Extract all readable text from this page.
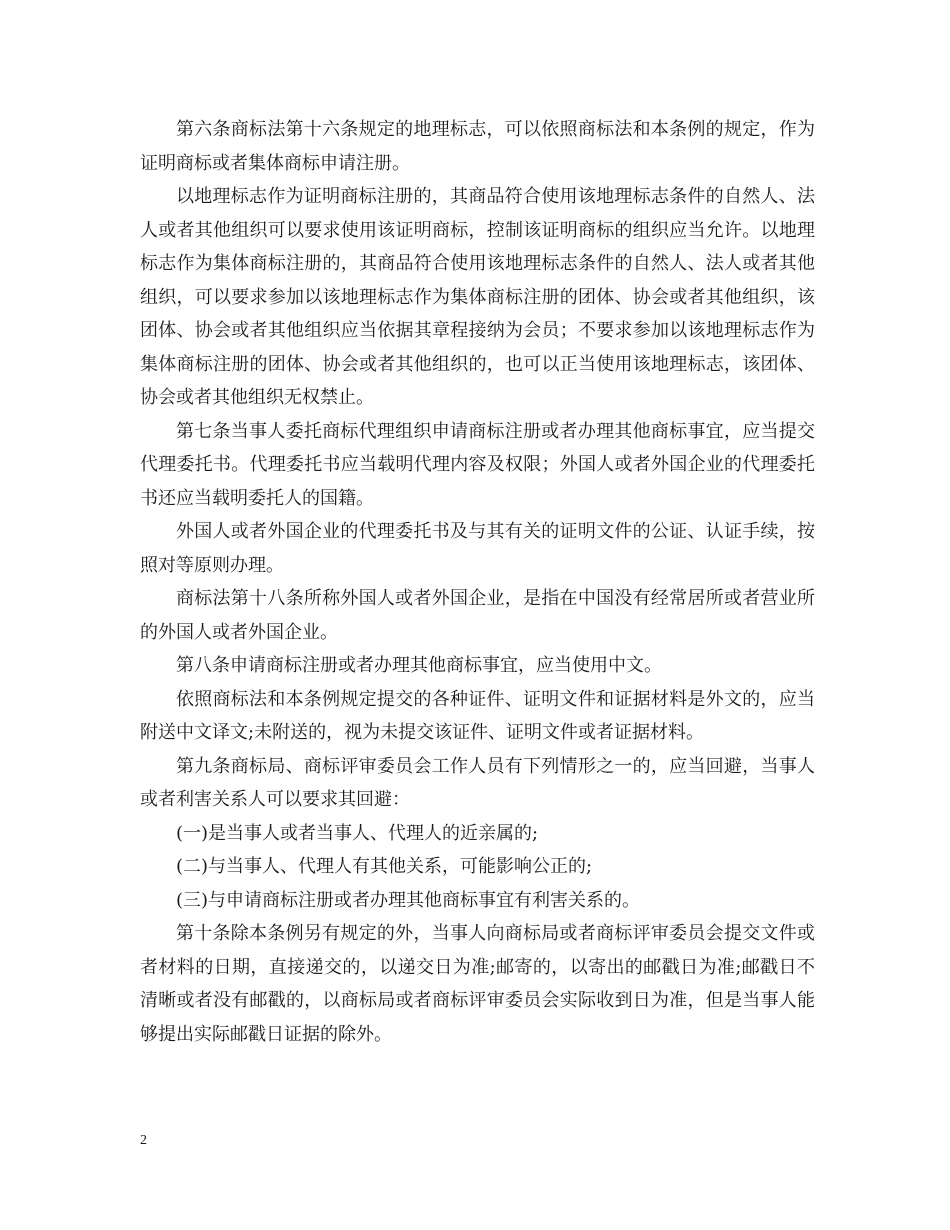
第六条商标法第十六条规定的地理标志，可以依照商标法和本条例的规定，作为证明商标或者集体商标申请注册。

以地理标志作为证明商标注册的，其商品符合使用该地理标志条件的自然人、法人或者其他组织可以要求使用该证明商标，控制该证明商标的组织应当允许。以地理标志作为集体商标注册的，其商品符合使用该地理标志条件的自然人、法人或者其他组织，可以要求参加以该地理标志作为集体商标注册的团体、协会或者其他组织，该团体、协会或者其他组织应当依据其章程接纳为会员；不要求参加以该地理标志作为集体商标注册的团体、协会或者其他组织的，也可以正当使用该地理标志，该团体、协会或者其他组织无权禁止。

第七条当事人委托商标代理组织申请商标注册或者办理其他商标事宜，应当提交代理委托书。代理委托书应当载明代理内容及权限；外国人或者外国企业的代理委托书还应当载明委托人的国籍。

外国人或者外国企业的代理委托书及与其有关的证明文件的公证、认证手续，按照对等原则办理。

商标法第十八条所称外国人或者外国企业，是指在中国没有经常居所或者营业所的外国人或者外国企业。

第八条申请商标注册或者办理其他商标事宜，应当使用中文。

依照商标法和本条例规定提交的各种证件、证明文件和证据材料是外文的，应当附送中文译文;未附送的，视为未提交该证件、证明文件或者证据材料。

第九条商标局、商标评审委员会工作人员有下列情形之一的，应当回避，当事人或者利害关系人可以要求其回避：

(一)是当事人或者当事人、代理人的近亲属的;

(二)与当事人、代理人有其他关系，可能影响公正的;

(三)与申请商标注册或者办理其他商标事宜有利害关系的。

第十条除本条例另有规定的外，当事人向商标局或者商标评审委员会提交文件或者材料的日期，直接递交的，以递交日为准;邮寄的，以寄出的邮戳日为准;邮戳日不清晰或者没有邮戳的，以商标局或者商标评审委员会实际收到日为准，但是当事人能够提出实际邮戳日证据的除外。

2
